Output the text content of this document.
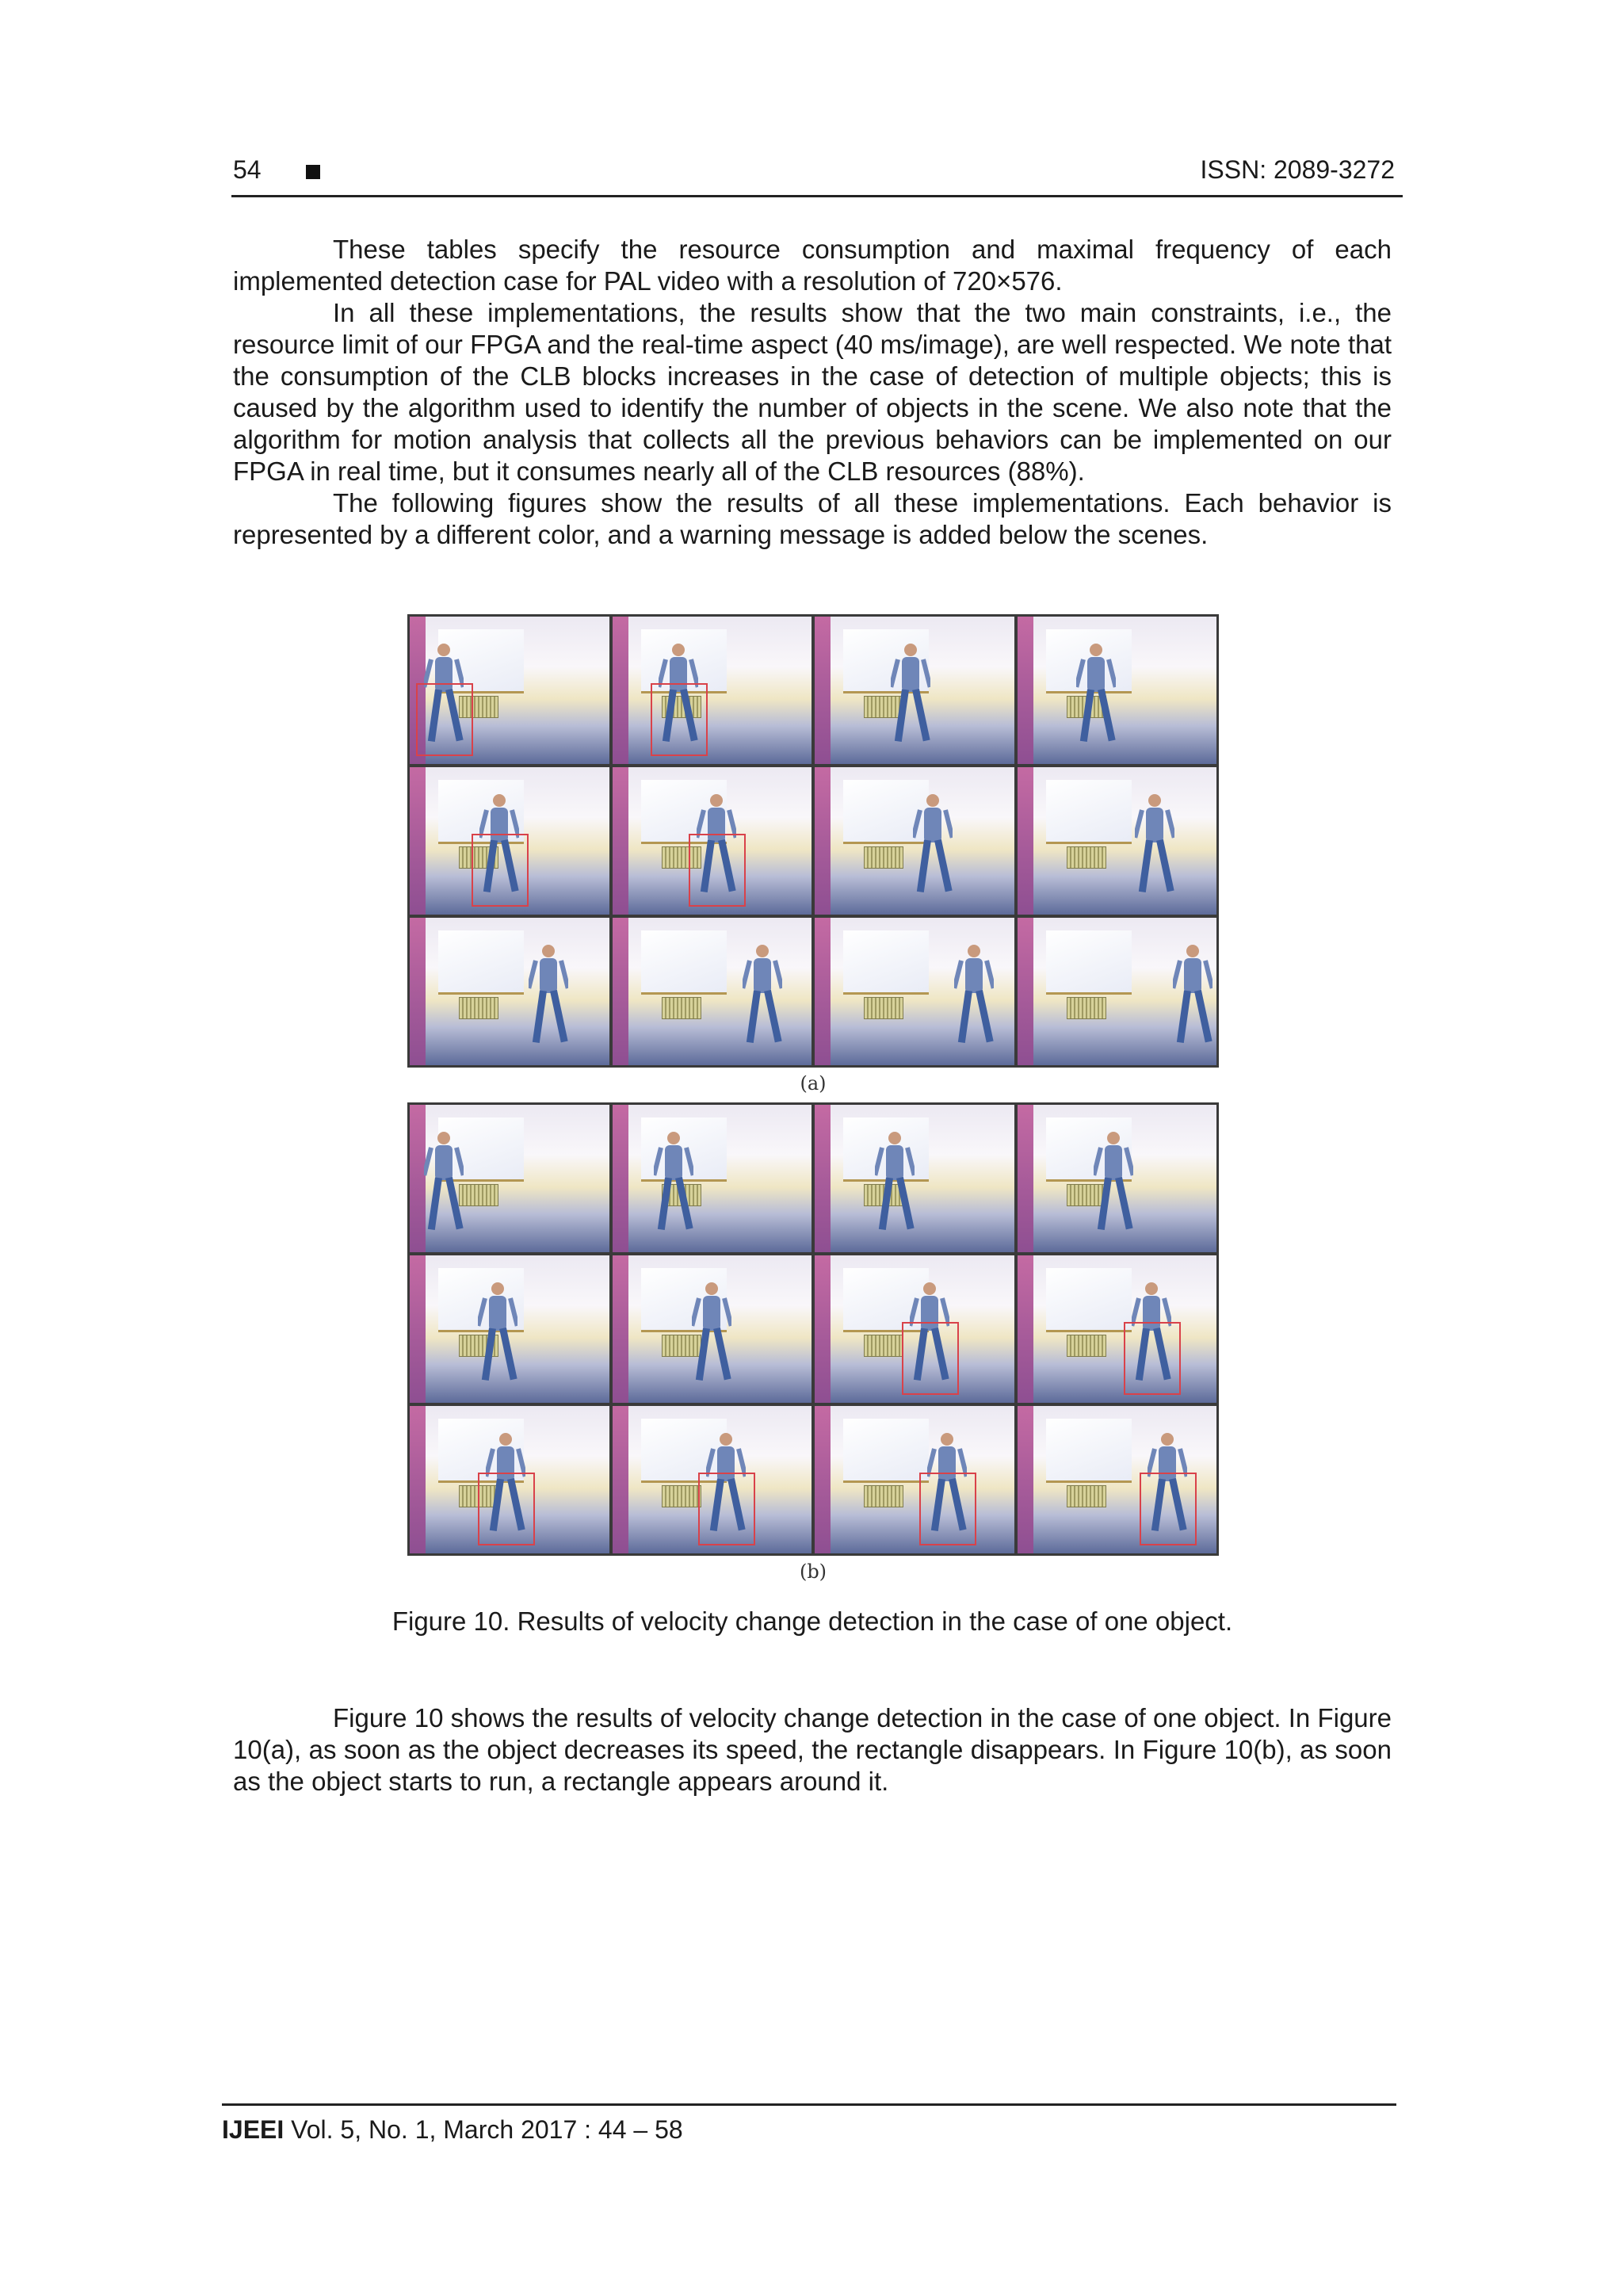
54	ISSN: 2089-3272

These tables specify the resource consumption and maximal frequency of each implemented detection case for PAL video with a resolution of 720×576.

In all these implementations, the results show that the two main constraints, i.e., the resource limit of our FPGA and the real-time aspect (40 ms/image), are well respected. We note that the consumption of the CLB blocks increases in the case of detection of multiple objects; this is caused by the algorithm used to identify the number of objects in the scene. We also note that the algorithm for motion analysis that collects all the previous behaviors can be implemented on our FPGA in real time, but it consumes nearly all of the CLB resources (88%).

The following figures show the results of all these implementations. Each behavior is represented by a different color, and a warning message is added below the scenes.

(a)
(b)
Figure 10. Results of velocity change detection in the case of one object.

Figure 10 shows the results of velocity change detection in the case of one object. In Figure 10(a), as soon as the object decreases its speed, the rectangle disappears. In Figure 10(b), as soon as the object starts to run, a rectangle appears around it.

IJEEI Vol. 5, No. 1, March 2017 : 44 – 58
